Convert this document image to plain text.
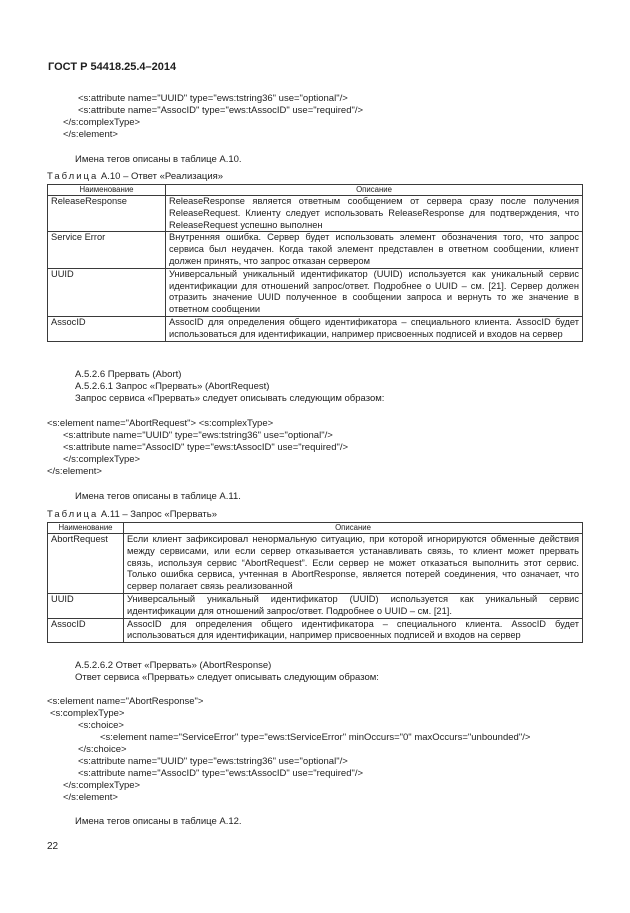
ГОСТ Р 54418.25.4–2014
<s:attribute name="UUID" type="ews:tstring36" use="optional"/>
<s:attribute name="AssocID" type="ews:tAssocID" use="required"/>
</s:complexType>
</s:element>
Имена тегов описаны в таблице А.10.
Таблица А.10 – Ответ «Реализация»
Наименование	Описание
ReleaseResponse	ReleaseResponse является ответным сообщением от сервера сразу после получения ReleaseRequest. Клиенту следует использовать ReleaseResponse для подтверждения, что ReleaseRequest успешно выполнен
Service Error	Внутренняя ошибка. Сервер будет использовать элемент обозначения того, что запрос сервиса был неудачен. Когда такой элемент представлен в ответном сообщении, клиент должен принять, что запрос отказан сервером
UUID	Универсальный уникальный идентификатор (UUID) используется как уникальный сервис идентификации для отношений запрос/ответ. Подробнее о UUID – см. [21]. Сервер должен отразить значение UUID полученное в сообщении запроса и вернуть то же значение в ответном сообщении
AssocID	AssocID для определения общего идентификатора – специального клиента. AssocID будет использоваться для идентификации, например присвоенных подписей и входов на сервер
А.5.2.6 Прервать (Abort)
А.5.2.6.1 Запрос «Прервать» (AbortRequest)
Запрос сервиса «Прервать» следует описывать следующим образом:
<s:element name="AbortRequest"> <s:complexType>
<s:attribute name="UUID" type="ews:tstring36" use="optional"/>
<s:attribute name="AssocID" type="ews:tAssocID" use="required"/>
</s:complexType>
</s:element>
Имена тегов описаны в таблице А.11.
Таблица А.11 – Запрос «Прервать»
Наименование	Описание
AbortRequest	Если клиент зафиксировал ненормальную ситуацию, при которой игнорируются обменные действия между сервисами, или если сервер отказывается устанавливать связь, то клиент может прервать связь, используя сервис “AbortRequest”. Если сервер не может отказаться выполнить этот сервис. Только ошибка сервиса, учтенная в AbortResponse, является потерей соединения, что означает, что сервер полагает связь реализованной
UUID	Универсальный уникальный идентификатор (UUID) используется как уникальный сервис идентификации для отношений запрос/ответ. Подробнее о UUID – см. [21].
AssocID	AssocID для определения общего идентификатора – специального клиента. AssocID будет использоваться для идентификации, например присвоенных подписей и входов на сервер
А.5.2.6.2 Ответ «Прервать» (AbortResponse)
Ответ сервиса «Прервать» следует описывать следующим образом:
<s:element name="AbortResponse">
<s:complexType>
<s:choice>
<s:element name="ServiceError" type="ews:tServiceError" minOccurs="0" maxOccurs="unbounded"/>
</s:choice>
<s:attribute name="UUID" type="ews:tstring36" use="optional"/>
<s:attribute name="AssocID" type="ews:tAssocID" use="required"/>
</s:complexType>
</s:element>
Имена тегов описаны в таблице А.12.
22
